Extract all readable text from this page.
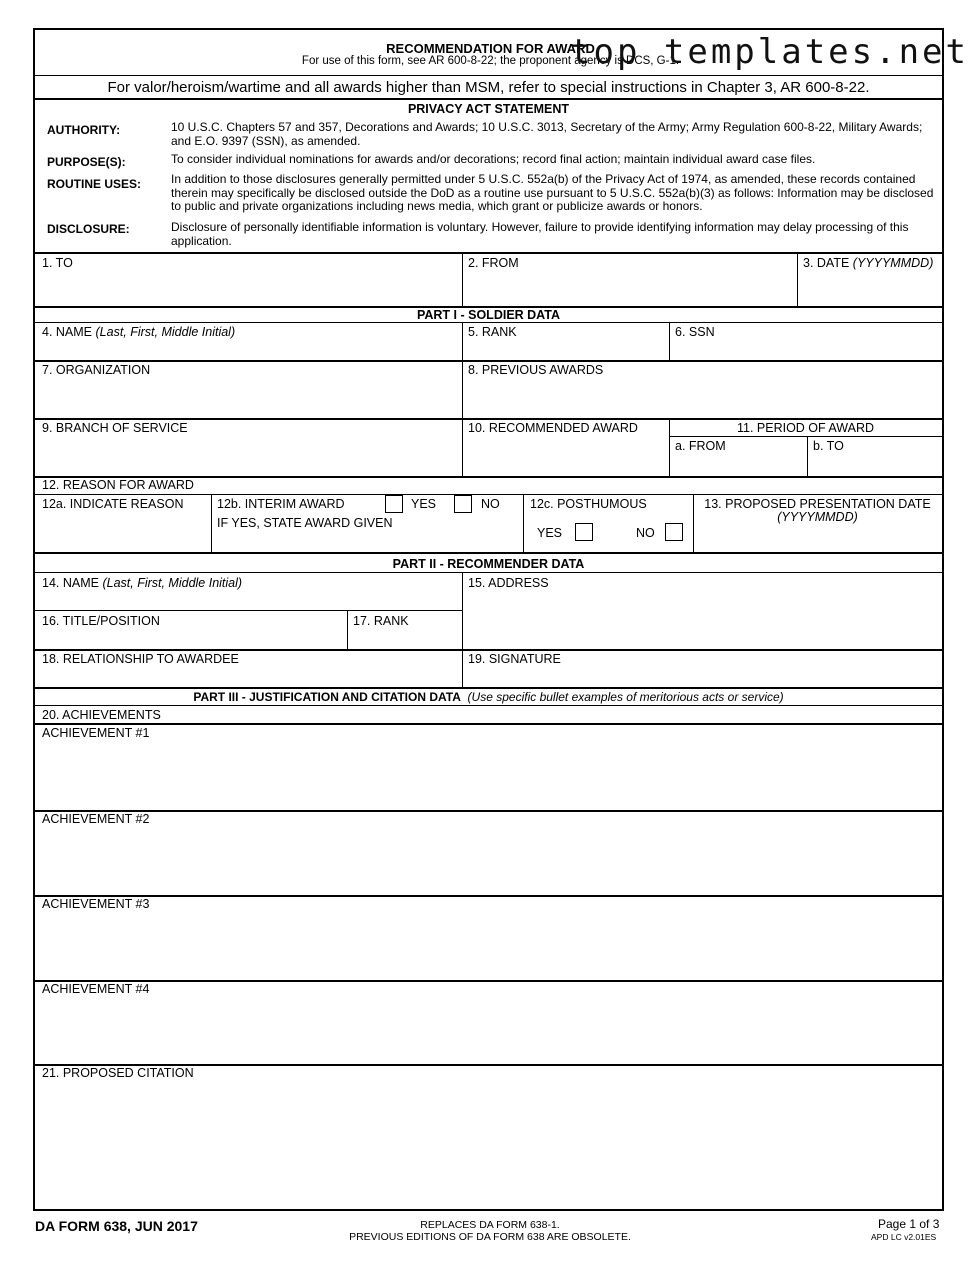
RECOMMENDATION FOR AWARD
For use of this form, see AR 600-8-22; the proponent agency is DCS, G-1.
top templates.net
For valor/heroism/wartime and all awards higher than MSM, refer to special instructions in Chapter 3, AR 600-8-22.
PRIVACY ACT STATEMENT
AUTHORITY:	10 U.S.C. Chapters 57 and 357, Decorations and Awards; 10 U.S.C. 3013, Secretary of the Army; Army Regulation 600-8-22, Military Awards; and E.O. 9397 (SSN), as amended.
PURPOSE(S):	To consider individual nominations for awards and/or decorations; record final action; maintain individual award case files.
ROUTINE USES: In addition to those disclosures generally permitted under 5 U.S.C. 552a(b) of the Privacy Act of 1974, as amended, these records contained therein may specifically be disclosed outside the DoD as a routine use pursuant to 5 U.S.C. 552a(b)(3) as follows: Information may be disclosed to public and private organizations including news media, which grant or publicize awards or honors.
DISCLOSURE:	Disclosure of personally identifiable information is voluntary. However, failure to provide identifying information may delay processing of this application.
1. TO	2. FROM	3. DATE (YYYYMMDD)
PART I - SOLDIER DATA
4. NAME (Last, First, Middle Initial)	5. RANK	6. SSN
7. ORGANIZATION	8. PREVIOUS AWARDS
9. BRANCH OF SERVICE	10. RECOMMENDED AWARD	11. PERIOD OF AWARD
a. FROM	b. TO
12. REASON FOR AWARD
12a. INDICATE REASON	12b. INTERIM AWARD	YES	NO
IF YES, STATE AWARD GIVEN
12c. POSTHUMOUS
YES	NO
13. PROPOSED PRESENTATION DATE
(YYYYMMDD)
PART II - RECOMMENDER DATA
14. NAME (Last, First, Middle Initial)	15. ADDRESS
16. TITLE/POSITION	17. RANK
18. RELATIONSHIP TO AWARDEE	19. SIGNATURE
PART III - JUSTIFICATION AND CITATION DATA (Use specific bullet examples of meritorious acts or service)
20. ACHIEVEMENTS
ACHIEVEMENT #1
ACHIEVEMENT #2
ACHIEVEMENT #3
ACHIEVEMENT #4
21. PROPOSED CITATION
DA FORM 638, JUN 2017	REPLACES DA FORM 638-1.
PREVIOUS EDITIONS OF DA FORM 638 ARE OBSOLETE.
Page 1 of 3
APD LC v2.01ES
